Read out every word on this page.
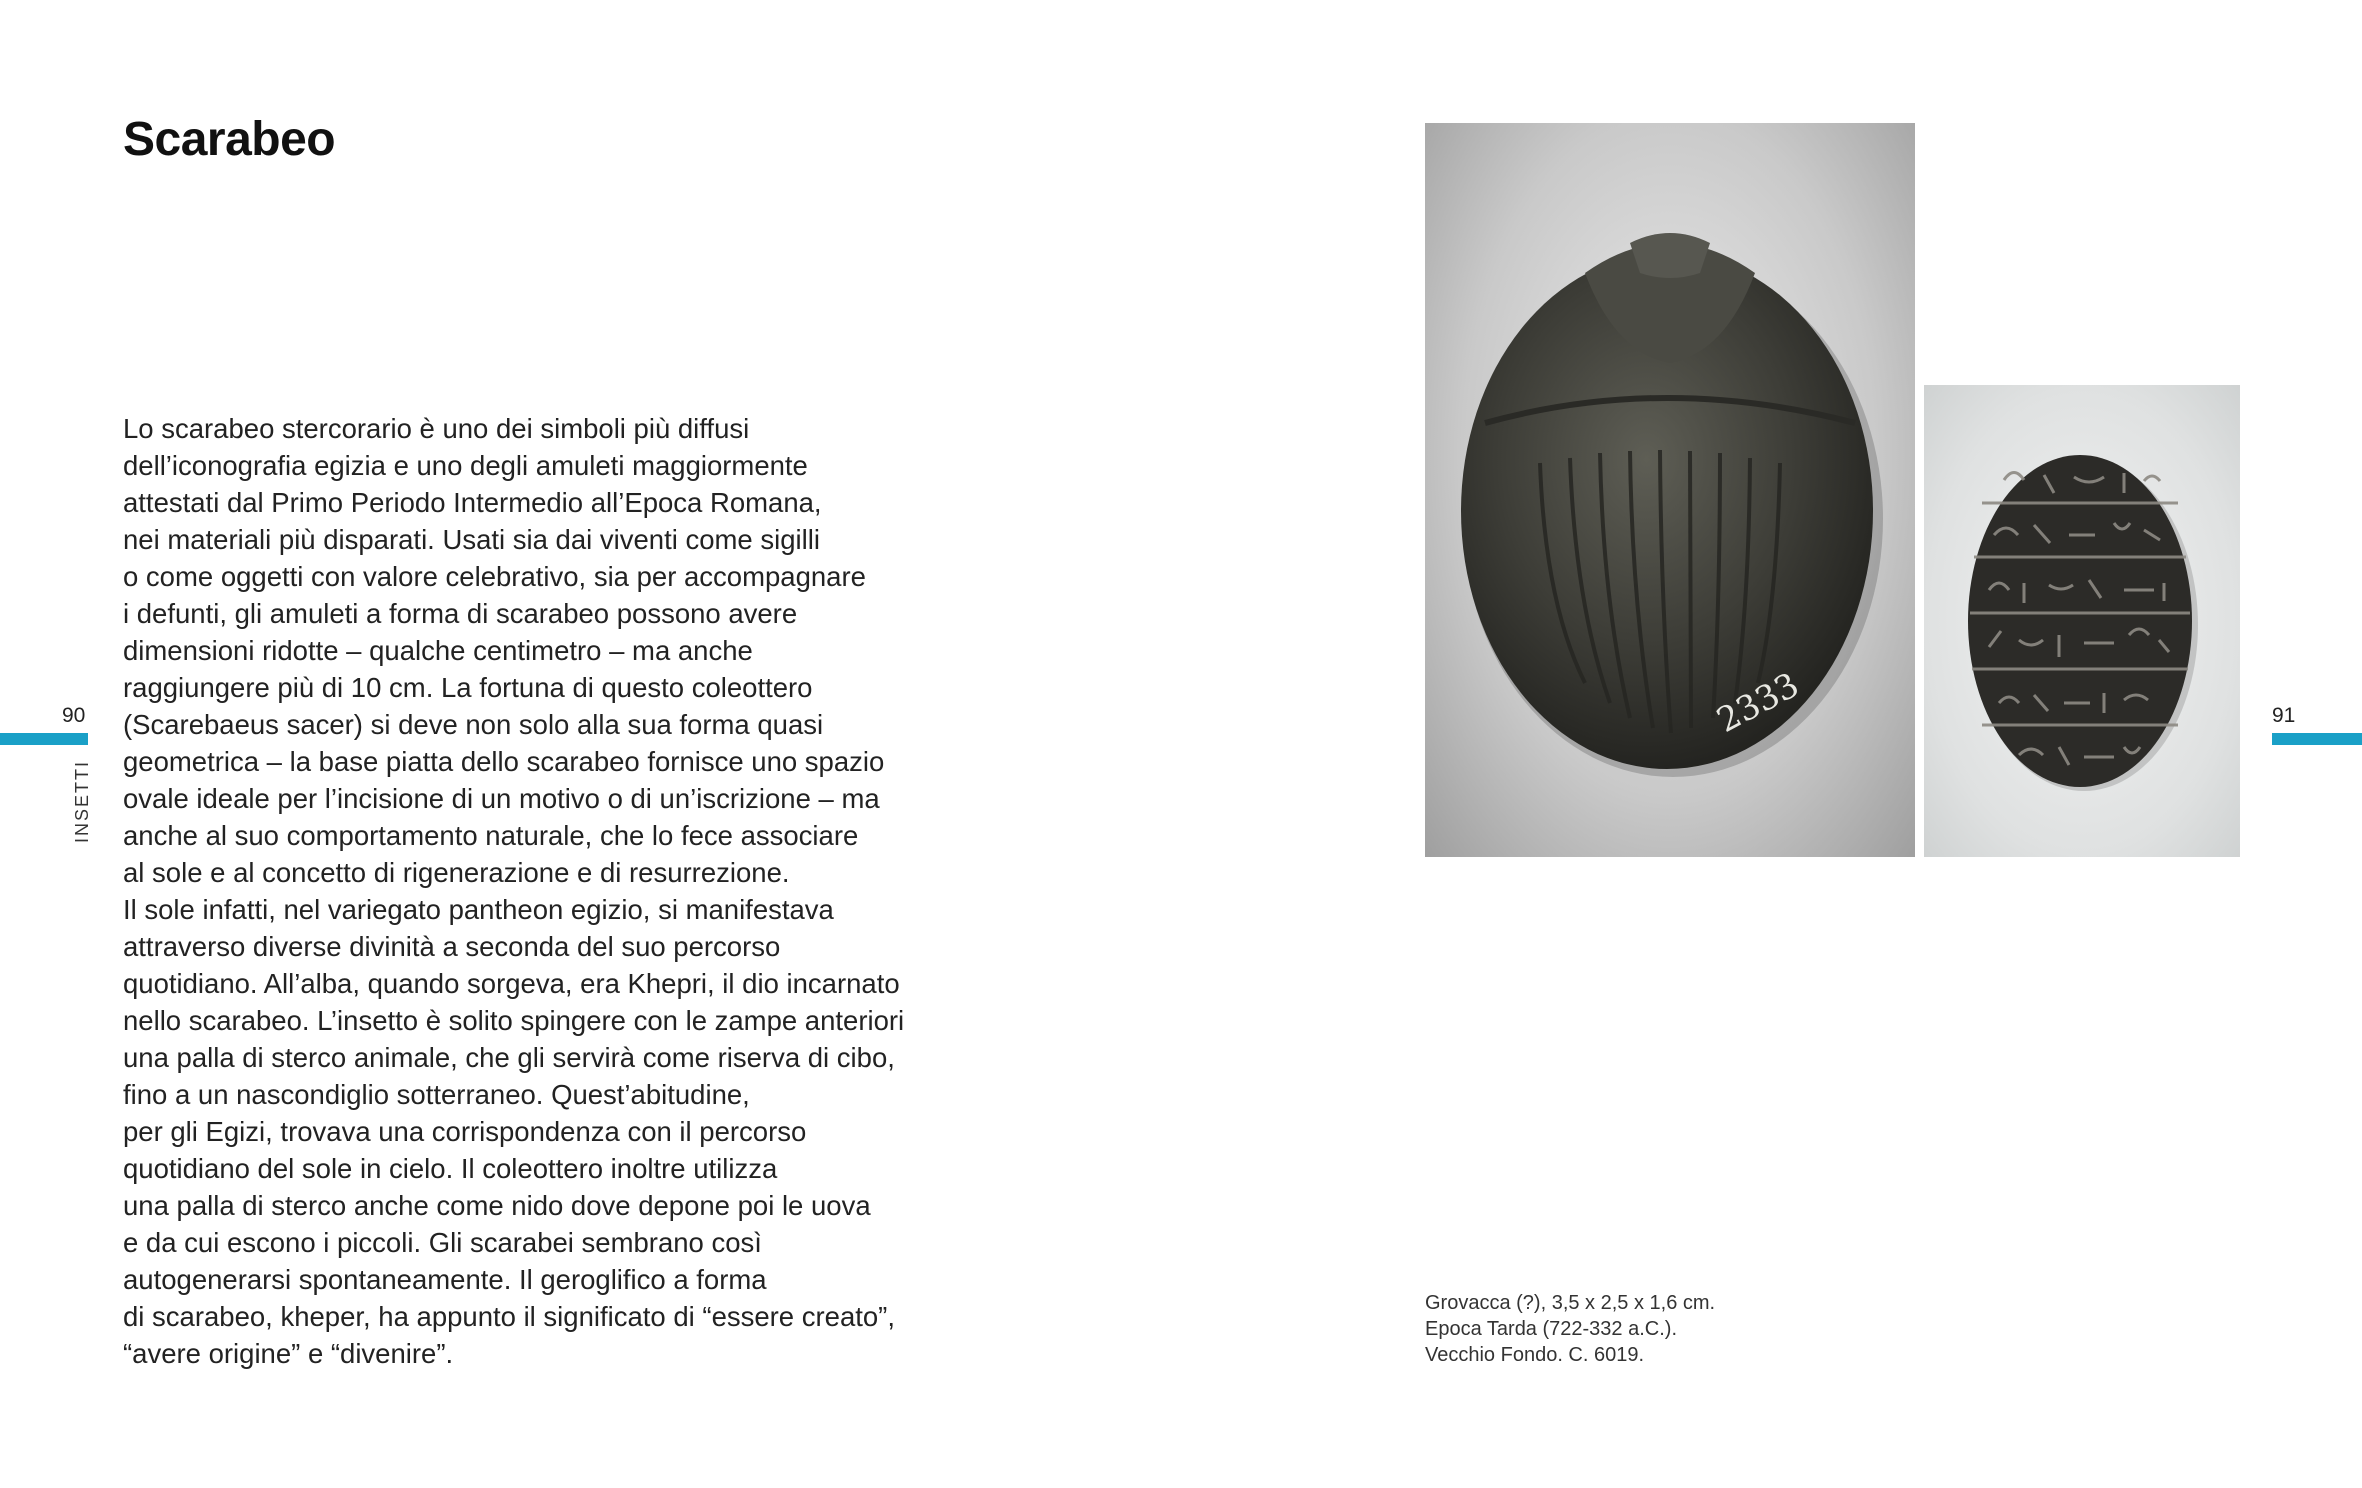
Scarabeo
Lo scarabeo stercorario è uno dei simboli più diffusi
dell’iconografia egizia e uno degli amuleti maggiormente
attestati dal Primo Periodo Intermedio all’Epoca Romana,
nei materiali più disparati. Usati sia dai viventi come sigilli
o come oggetti con valore celebrativo, sia per accompagnare
i defunti, gli amuleti a forma di scarabeo possono avere
dimensioni ridotte – qualche centimetro – ma anche
raggiungere più di 10 cm. La fortuna di questo coleottero
(Scarebaeus sacer) si deve non solo alla sua forma quasi
geometrica – la base piatta dello scarabeo fornisce uno spazio
ovale ideale per l’incisione di un motivo o di un’iscrizione – ma
anche al suo comportamento naturale, che lo fece associare
al sole e al concetto di rigenerazione e di resurrezione.
Il sole infatti, nel variegato pantheon egizio, si manifestava
attraverso diverse divinità a seconda del suo percorso
quotidiano. All’alba, quando sorgeva, era Khepri, il dio incarnato
nello scarabeo. L’insetto è solito spingere con le zampe anteriori
una palla di sterco animale, che gli servirà come riserva di cibo,
fino a un nascondiglio sotterraneo. Quest’abitudine,
per gli Egizi, trovava una corrispondenza con il percorso
quotidiano del sole in cielo. Il coleottero inoltre utilizza
una palla di sterco anche come nido dove depone poi le uova
e da cui escono i piccoli. Gli scarabei sembrano così
autogenerarsi spontaneamente. Il geroglifico a forma
di scarabeo, kheper, ha appunto il significato di “essere creato”,
“avere origine” e “divenire”.
90
INSETTI
91
2333
Grovacca (?), 3,5 x 2,5 x 1,6 cm.
Epoca Tarda (722-332 a.C.).
Vecchio Fondo. C. 6019.
